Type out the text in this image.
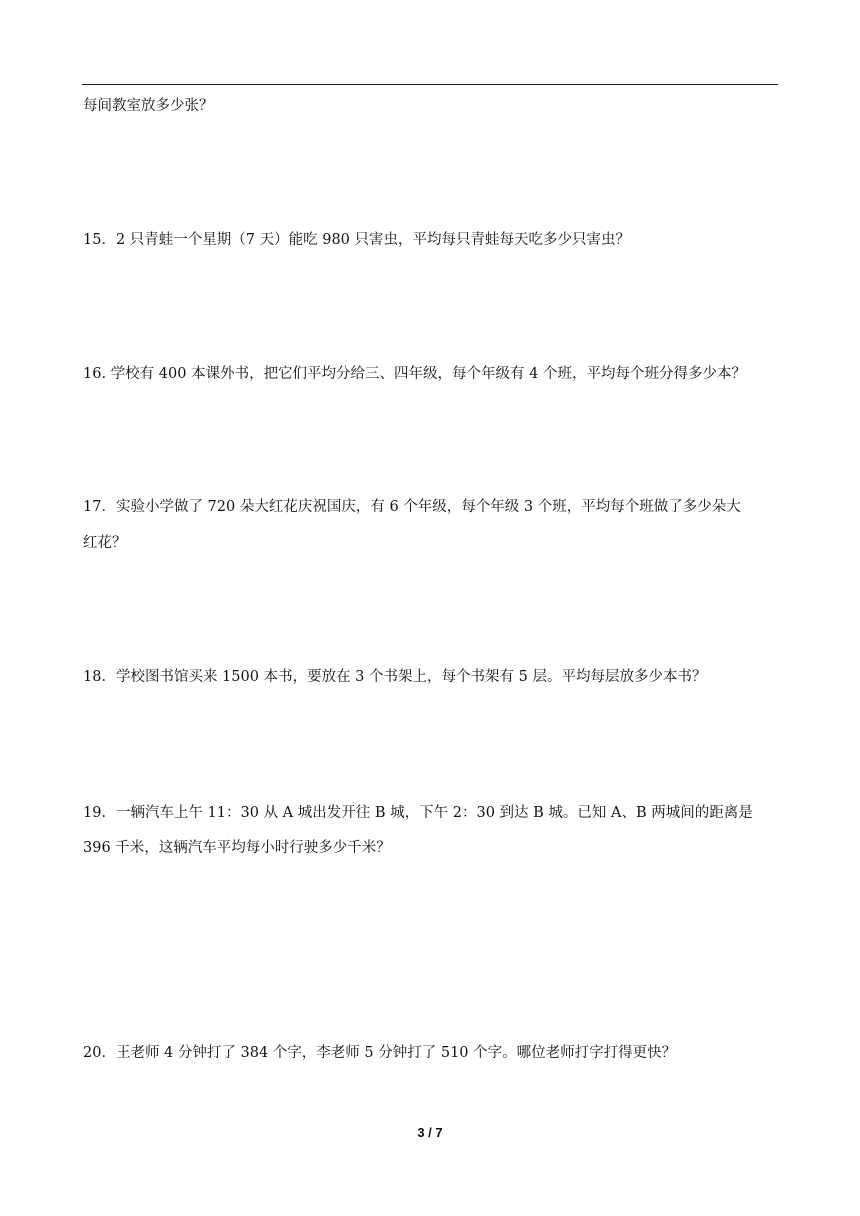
每间教室放多少张？
15．2 只青蛙一个星期（7 天）能吃 980 只害虫，平均每只青蛙每天吃多少只害虫？
16. 学校有 400 本课外书，把它们平均分给三、四年级，每个年级有 4 个班，平均每个班分得多少本？
17．实验小学做了 720 朵大红花庆祝国庆，有 6 个年级，每个年级 3 个班，平均每个班做了多少朵大
红花？
18．学校图书馆买来 1500 本书，要放在 3 个书架上，每个书架有 5 层。平均每层放多少本书？
19．一辆汽车上午 11：30 从 A 城出发开往 B 城，下午 2：30 到达 B 城。已知 A、B 两城间的距离是
396 千米，这辆汽车平均每小时行驶多少千米？
20．王老师 4 分钟打了 384 个字，李老师 5 分钟打了 510 个字。哪位老师打字打得更快？
3 / 7
